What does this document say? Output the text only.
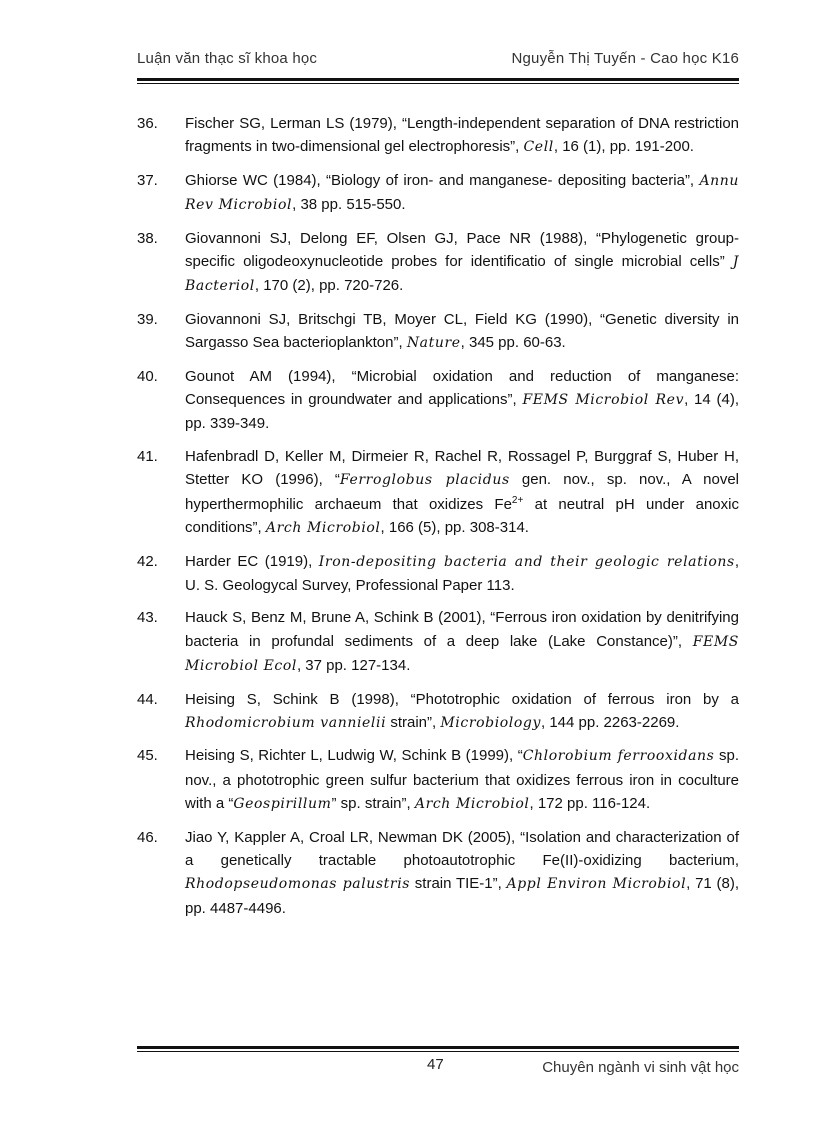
Luận văn thạc sĩ khoa học	Nguyễn Thị Tuyến - Cao học K16
36. Fischer SG, Lerman LS (1979), “Length-independent separation of DNA restriction fragments in two-dimensional gel electrophoresis”, Cell, 16 (1), pp. 191-200.
37. Ghiorse WC (1984), “Biology of iron- and manganese- depositing bacteria”, Annu Rev Microbiol, 38 pp. 515-550.
38. Giovannoni SJ, Delong EF, Olsen GJ, Pace NR (1988), “Phylogenetic group-specific oligodeoxynucleotide probes for identificatio of single microbial cells” J Bacteriol, 170 (2), pp. 720-726.
39. Giovannoni SJ, Britschgi TB, Moyer CL, Field KG (1990), “Genetic diversity in Sargasso Sea bacterioplankton”, Nature, 345 pp. 60-63.
40. Gounot AM (1994), “Microbial oxidation and reduction of manganese: Consequences in groundwater and applications”, FEMS Microbiol Rev, 14 (4), pp. 339-349.
41. Hafenbradl D, Keller M, Dirmeier R, Rachel R, Rossagel P, Burggraf S, Huber H, Stetter KO (1996), “Ferroglobus placidus gen. nov., sp. nov., A novel hyperthermophilic archaeum that oxidizes $Fe^{2+}$ at neutral pH under anoxic conditions”, Arch Microbiol, 166 (5), pp. 308-314.
42. Harder EC (1919), Iron-depositing bacteria and their geologic relations, U. S. Geologycal Survey, Professional Paper 113.
43. Hauck S, Benz M, Brune A, Schink B (2001), “Ferrous iron oxidation by denitrifying bacteria in profundal sediments of a deep lake (Lake Constance)”, FEMS Microbiol Ecol, 37 pp. 127-134.
44. Heising S, Schink B (1998), “Phototrophic oxidation of ferrous iron by a Rhodomicrobium vannielii strain”, Microbiology, 144 pp. 2263-2269.
45. Heising S, Richter L, Ludwig W, Schink B (1999), “Chlorobium ferrooxidans sp. nov., a phototrophic green sulfur bacterium that oxidizes ferrous iron in coculture with a “Geospirillum” sp. strain”, Arch Microbiol, 172 pp. 116-124.
46. Jiao Y, Kappler A, Croal LR, Newman DK (2005), “Isolation and characterization of a genetically tractable photoautotrophic Fe(II)-oxidizing bacterium, Rhodopseudomonas palustris strain TIE-1”, Appl Environ Microbiol, 71 (8), pp. 4487-4496.
47	Chuyên ngành vi sinh vật học
